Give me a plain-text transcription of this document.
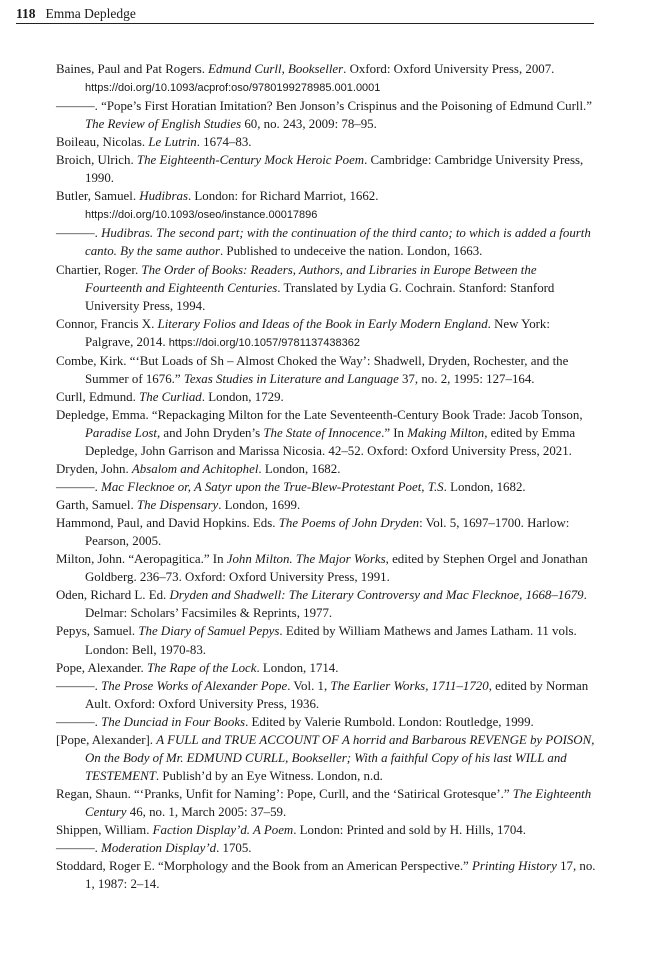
118 Emma Depledge
Baines, Paul and Pat Rogers. Edmund Curll, Bookseller. Oxford: Oxford University Press, 2007. https://doi.org/10.1093/acprof:oso/9780199278985.001.0001
———. “Pope’s First Horatian Imitation? Ben Jonson’s Crispinus and the Poisoning of Edmund Curll.” The Review of English Studies 60, no. 243, 2009: 78–95.
Boileau, Nicolas. Le Lutrin. 1674–83.
Broich, Ulrich. The Eighteenth-Century Mock Heroic Poem. Cambridge: Cambridge University Press, 1990.
Butler, Samuel. Hudibras. London: for Richard Marriot, 1662. https://doi.org/10.1093/oseo/instance.00017896
———. Hudibras. The second part; with the continuation of the third canto; to which is added a fourth canto. By the same author. Published to undeceive the nation. London, 1663.
Chartier, Roger. The Order of Books: Readers, Authors, and Libraries in Europe Between the Fourteenth and Eighteenth Centuries. Translated by Lydia G. Cochrain. Stanford: Stanford University Press, 1994.
Connor, Francis X. Literary Folios and Ideas of the Book in Early Modern England. New York: Palgrave, 2014. https://doi.org/10.1057/9781137438362
Combe, Kirk. “‘But Loads of Sh – Almost Choked the Way’: Shadwell, Dryden, Rochester, and the Summer of 1676.” Texas Studies in Literature and Language 37, no. 2, 1995: 127–164.
Curll, Edmund. The Curliad. London, 1729.
Depledge, Emma. “Repackaging Milton for the Late Seventeenth-Century Book Trade: Jacob Tonson, Paradise Lost, and John Dryden’s The State of Innocence.” In Making Milton, edited by Emma Depledge, John Garrison and Marissa Nicosia. 42–52. Oxford: Oxford University Press, 2021.
Dryden, John. Absalom and Achitophel. London, 1682.
———. Mac Flecknoe or, A Satyr upon the True-Blew-Protestant Poet, T.S. London, 1682.
Garth, Samuel. The Dispensary. London, 1699.
Hammond, Paul, and David Hopkins. Eds. The Poems of John Dryden: Vol. 5, 1697–1700. Harlow: Pearson, 2005.
Milton, John. “Aeropagitica.” In John Milton. The Major Works, edited by Stephen Orgel and Jonathan Goldberg. 236–73. Oxford: Oxford University Press, 1991.
Oden, Richard L. Ed. Dryden and Shadwell: The Literary Controversy and Mac Flecknoe, 1668–1679. Delmar: Scholars’ Facsimiles & Reprints, 1977.
Pepys, Samuel. The Diary of Samuel Pepys. Edited by William Mathews and James Latham. 11 vols. London: Bell, 1970-83.
Pope, Alexander. The Rape of the Lock. London, 1714.
———. The Prose Works of Alexander Pope. Vol. 1, The Earlier Works, 1711–1720, edited by Norman Ault. Oxford: Oxford University Press, 1936.
———. The Dunciad in Four Books. Edited by Valerie Rumbold. London: Routledge, 1999.
[Pope, Alexander]. A FULL and TRUE ACCOUNT OF A horrid and Barbarous REVENGE by POISON, On the Body of Mr. EDMUND CURLL, Bookseller; With a faithful Copy of his last WILL and TESTEMENT. Publish’d by an Eye Witness. London, n.d.
Regan, Shaun. “‘Pranks, Unfit for Naming’: Pope, Curll, and the ‘Satirical Grotesque’.” The Eighteenth Century 46, no. 1, March 2005: 37–59.
Shippen, William. Faction Display’d. A Poem. London: Printed and sold by H. Hills, 1704.
———. Moderation Display’d. 1705.
Stoddard, Roger E. “Morphology and the Book from an American Perspective.” Printing History 17, no. 1, 1987: 2–14.
